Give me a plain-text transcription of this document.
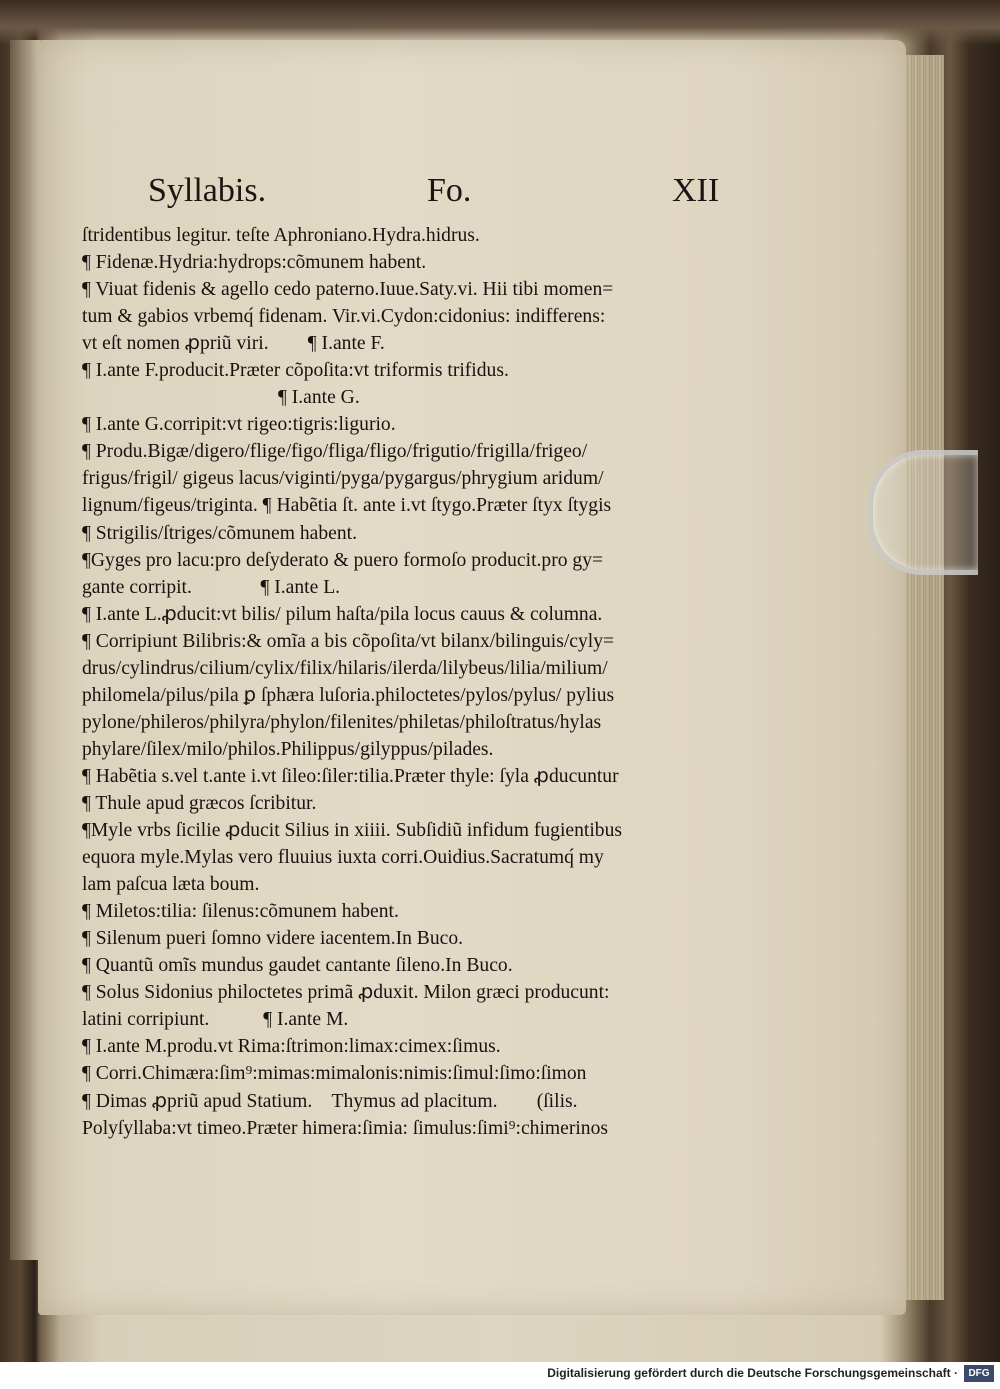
Syllabis.	Fo.	XII
ſtridentibus legitur. teſte Aphroniano.Hydra.hidrus.
¶ Fidenæ.Hydria:hydrops:cõmunem habent.
¶ Viuat fidenis & agello cedo paterno.Iuue.Saty.vi. Hii tibi momen=
tum & gabios vrbemq́ fidenam. Vir.vi.Cydon:cidonius: indifferens:
vt eſt nomen ꝓpriũ viri.        ¶ I.ante F.
¶ I.ante F.producit.Præter cõpoſita:vt triformis trifidus.
¶ I.ante G.
¶ I.ante G.corripit:vt rigeo:tigris:ligurio.
¶ Produ.Bigæ/digero/flige/figo/fliga/fligo/frigutio/frigilla/frigeo/
frigus/frigil/ gigeus lacus/viginti/pyga/pygargus/phrygium aridum/
lignum/figeus/triginta. ¶ Habẽtia ſt. ante i.vt ſtygo.Præter ſtyx ſtygis
¶ Strigilis/ſtriges/cõmunem habent.
¶Gyges pro lacu:pro deſyderato & puero formoſo producit.pro gy=
gante corripit.              ¶ I.ante L.
¶ I.ante L.ꝓducit:vt bilis/ pilum haſta/pila locus cauus & columna.
¶ Corripiunt Bilibris:& omĩa a bis cõpoſita/vt bilanx/bilinguis/cyly=
drus/cylindrus/cilium/cylix/filix/hilaris/ilerda/lilybeus/lilia/milium/
philomela/pilus/pila ꝑ ſphæra luſoria.philoctetes/pylos/pylus/ pylius
pylone/phileros/philyra/phylon/filenites/philetas/philoſtratus/hylas
phylare/ſilex/milo/philos.Philippus/gilyppus/pilades.
¶ Habẽtia s.vel t.ante i.vt ſileo:ſiler:tilia.Præter thyle: ſyla ꝓducuntur
¶ Thule apud græcos ſcribitur.
¶Myle vrbs ſicilie ꝓducit Silius in xiiii. Subſidiũ infidum fugientibus
equora myle.Mylas vero fluuius iuxta corri.Ouidius.Sacratumq́ my
lam paſcua læta boum.
¶ Miletos:tilia: ſilenus:cõmunem habent.
¶ Silenum pueri ſomno videre iacentem.In Buco.
¶ Quantũ omĩs mundus gaudet cantante ſileno.In Buco.
¶ Solus Sidonius philoctetes primã ꝓduxit. Milon græci producunt:
latini corripiunt.           ¶ I.ante M.
¶ I.ante M.produ.vt Rima:ſtrimon:limax:cimex:ſimus.
¶ Corri.Chimæra:ſim⁹:mimas:mimalonis:nimis:ſimul:ſimo:ſimon
¶ Dimas ꝓpriũ apud Statium.    Thymus ad placitum.        (ſilis.
Polyſyllaba:vt timeo.Præter himera:ſimia: ſimulus:ſimi⁹:chimerinos
Digitalisierung gefördert durch die Deutsche Forschungsgemeinschaft ·	DFG
